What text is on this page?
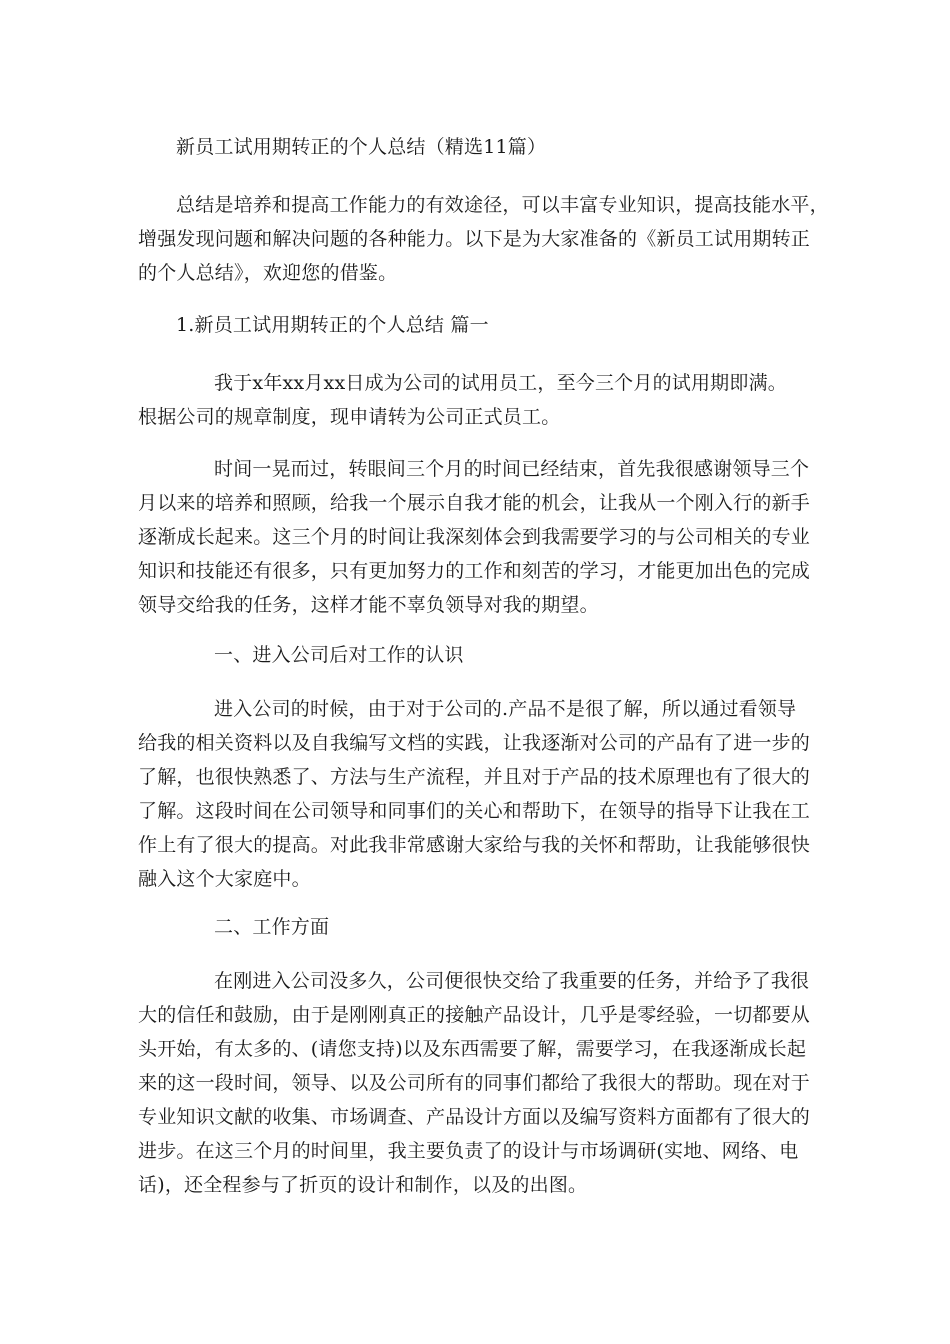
新员工试用期转正的个人总结（精选11篇）

总结是培养和提高工作能力的有效途径，可以丰富专业知识，提高技能水平，
增强发现问题和解决问题的各种能力。以下是为大家准备的《新员工试用期转正
的个人总结》，欢迎您的借鉴。

1.新员工试用期转正的个人总结 篇一

我于x年xx月xx日成为公司的试用员工，至今三个月的试用期即满。
根据公司的规章制度，现申请转为公司正式员工。

时间一晃而过，转眼间三个月的时间已经结束，首先我很感谢领导三个
月以来的培养和照顾，给我一个展示自我才能的机会，让我从一个刚入行的新手
逐渐成长起来。这三个月的时间让我深刻体会到我需要学习的与公司相关的专业
知识和技能还有很多，只有更加努力的工作和刻苦的学习，才能更加出色的完成
领导交给我的任务，这样才能不辜负领导对我的期望。

一、进入公司后对工作的认识

进入公司的时候，由于对于公司的.产品不是很了解，所以通过看领导
给我的相关资料以及自我编写文档的实践，让我逐渐对公司的产品有了进一步的
了解，也很快熟悉了、方法与生产流程，并且对于产品的技术原理也有了很大的
了解。这段时间在公司领导和同事们的关心和帮助下，在领导的指导下让我在工
作上有了很大的提高。对此我非常感谢大家给与我的关怀和帮助，让我能够很快
融入这个大家庭中。

二、工作方面

在刚进入公司没多久，公司便很快交给了我重要的任务，并给予了我很
大的信任和鼓励，由于是刚刚真正的接触产品设计，几乎是零经验，一切都要从
头开始，有太多的、(请您支持)以及东西需要了解，需要学习，在我逐渐成长起
来的这一段时间，领导、以及公司所有的同事们都给了我很大的帮助。现在对于
专业知识文献的收集、市场调查、产品设计方面以及编写资料方面都有了很大的
进步。在这三个月的时间里，我主要负责了的设计与市场调研(实地、网络、电
话)，还全程参与了折页的设计和制作，以及的出图。
